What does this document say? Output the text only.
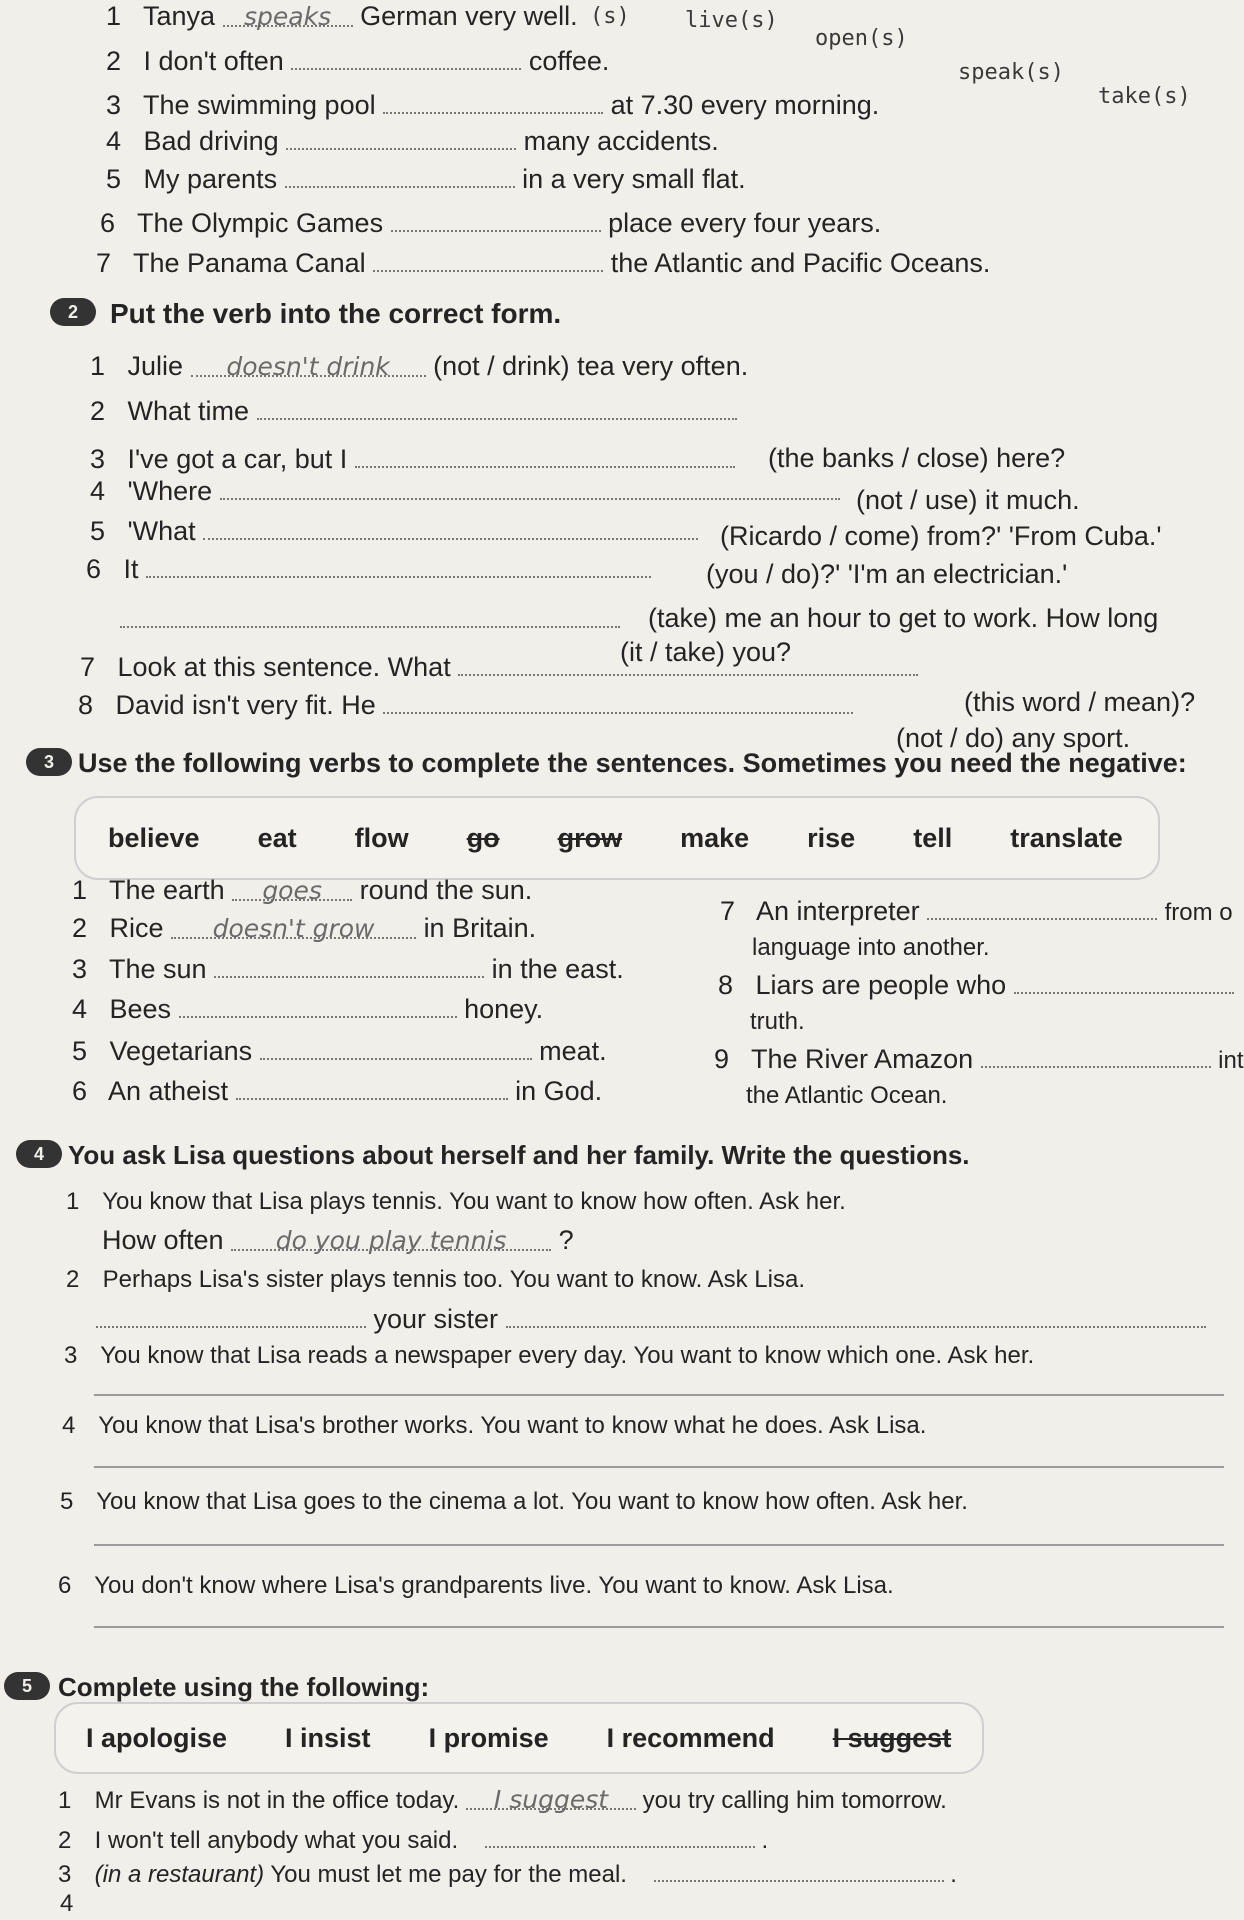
(s)	live(s)
open(s)
speak(s)
take(s)
1 Tanya speaks German very well.
2 I don't often	coffee.
3 The swimming pool	at 7.30 every morning.
4 Bad driving	many accidents.
5 My parents	in a very small flat.
6 The Olympic Games	place every four years.
7 The Panama Canal	the Atlantic and Pacific Oceans.
2	Put the verb into the correct form.
1 Julie doesn't drink (not / drink) tea very often.
2 What time
(the banks / close) here?
3 I've got a car, but I
(not / use) it much.
4 'Where
(Ricardo / come) from?' 'From Cuba.'
5 'What
(you / do)?' 'I'm an electrician.'
6 It
(take) me an hour to get to work. How long
(it / take) you?
7 Look at this sentence. What
(this word / mean)?
8 David isn't very fit. He
(not / do) any sport.
3 Use the following verbs to complete the sentences. Sometimes you need the negative:
believe eat flow go grow make rise tell translate
1 The earth goes round the sun.
2 Rice doesn't grow in Britain.
3 The sun	in the east.
4 Bees	honey.
5 Vegetarians	meat.
6 An atheist	in God.
7 An interpreter	from o
language into another.
8 Liars are people who
truth.
9 The River Amazon	int
the Atlantic Ocean.
4 You ask Lisa questions about herself and her family. Write the questions.
1 You know that Lisa plays tennis. You want to know how often. Ask her.
How often do you play tennis ?
2 Perhaps Lisa's sister plays tennis too. You want to know. Ask Lisa.
your sister
3 You know that Lisa reads a newspaper every day. You want to know which one. Ask her.
4 You know that Lisa's brother works. You want to know what he does. Ask Lisa.
5 You know that Lisa goes to the cinema a lot. You want to know how often. Ask her.
6 You don't know where Lisa's grandparents live. You want to know. Ask Lisa.
5	Complete using the following:
I apologise I insist I promise I recommend I suggest
1 Mr Evans is not in the office today. I suggest you try calling him tomorrow.
2 I won't tell anybody what you said.	.
3 (in a restaurant) You must let me pay for the meal.	.
4
